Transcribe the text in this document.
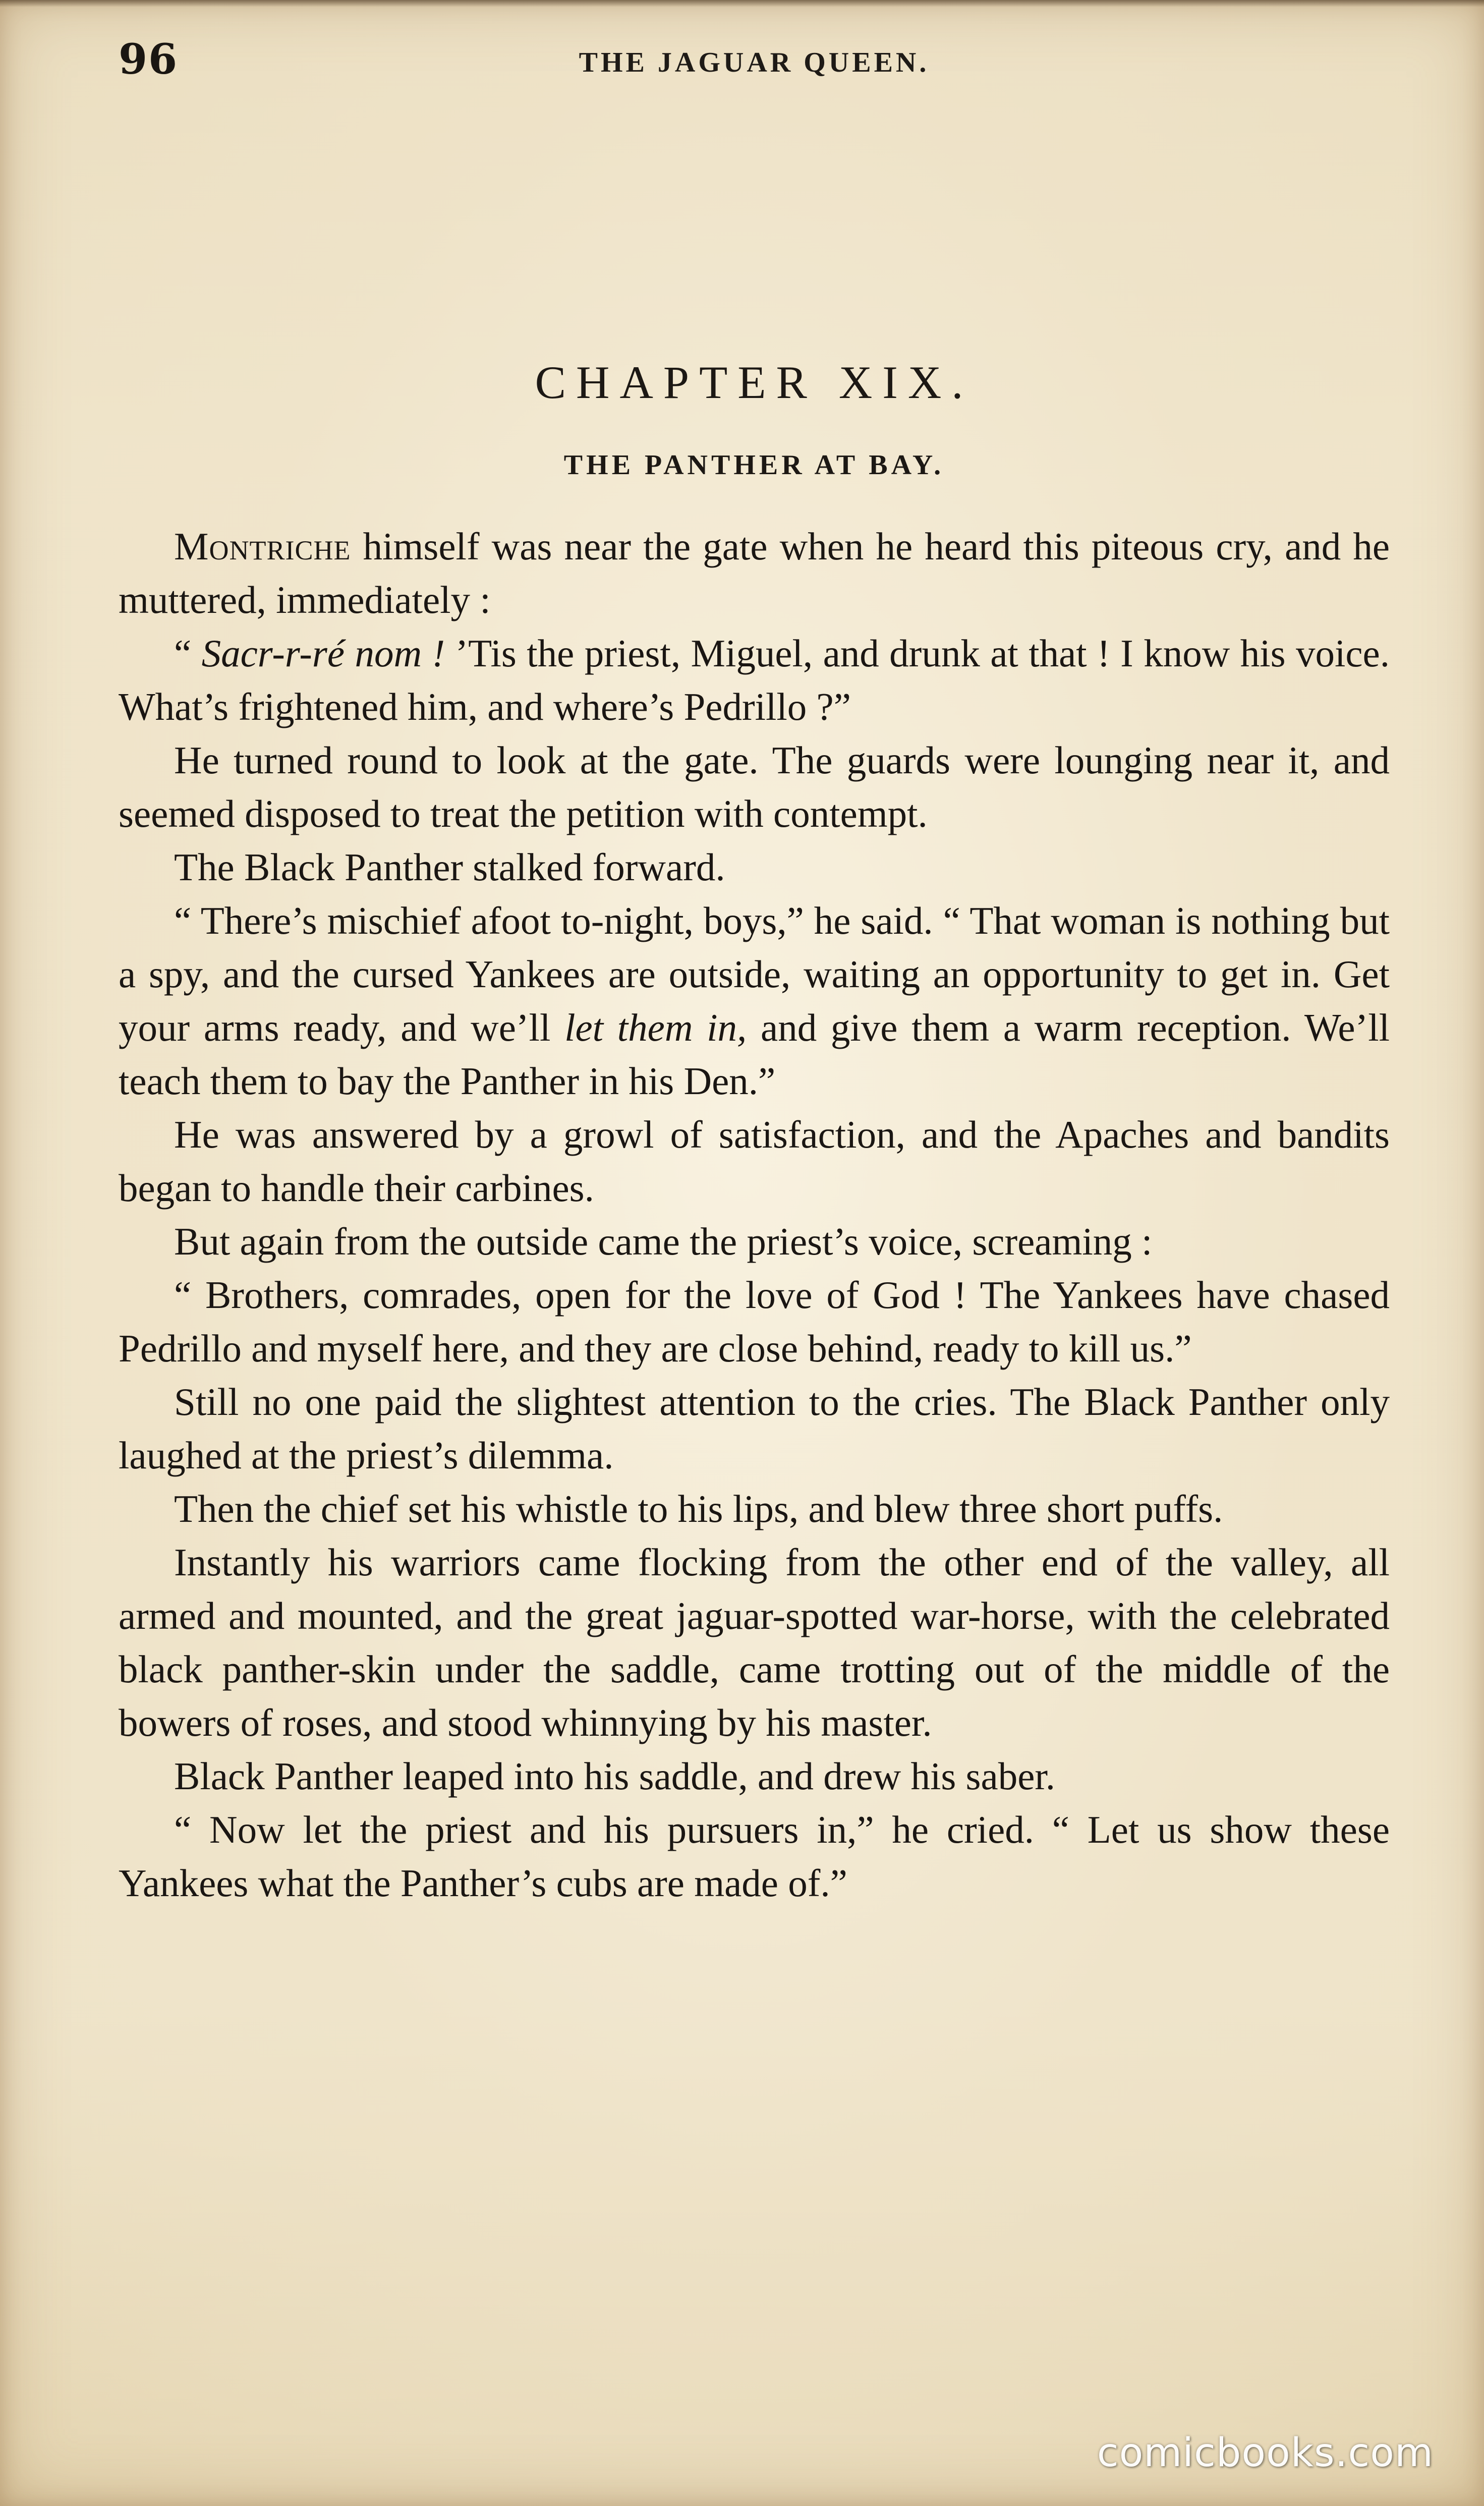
96	THE JAGUAR QUEEN.
CHAPTER XIX.
THE PANTHER AT BAY.

Montriche himself was near the gate when he heard this piteous cry, and he muttered, immediately :

“ Sacr-r-ré nom ! ’Tis the priest, Miguel, and drunk at that ! I know his voice. What’s frightened him, and where’s Pedrillo ?”

He turned round to look at the gate. The guards were lounging near it, and seemed disposed to treat the petition with contempt.

The Black Panther stalked forward.

“ There’s mischief afoot to-night, boys,” he said. “ That woman is nothing but a spy, and the cursed Yankees are outside, waiting an opportunity to get in. Get your arms ready, and we’ll let them in, and give them a warm reception. We’ll teach them to bay the Panther in his Den.”

He was answered by a growl of satisfaction, and the Apaches and bandits began to handle their carbines.

But again from the outside came the priest’s voice, screaming :

“ Brothers, comrades, open for the love of God ! The Yankees have chased Pedrillo and myself here, and they are close behind, ready to kill us.”

Still no one paid the slightest attention to the cries. The Black Panther only laughed at the priest’s dilemma.

Then the chief set his whistle to his lips, and blew three short puffs.

Instantly his warriors came flocking from the other end of the valley, all armed and mounted, and the great jaguar-spotted war-horse, with the celebrated black panther-skin under the saddle, came trotting out of the middle of the bowers of roses, and stood whinnying by his master.

Black Panther leaped into his saddle, and drew his saber.

“ Now let the priest and his pursuers in,” he cried. “ Let us show these Yankees what the Panther’s cubs are made of.”

comicbooks.com
